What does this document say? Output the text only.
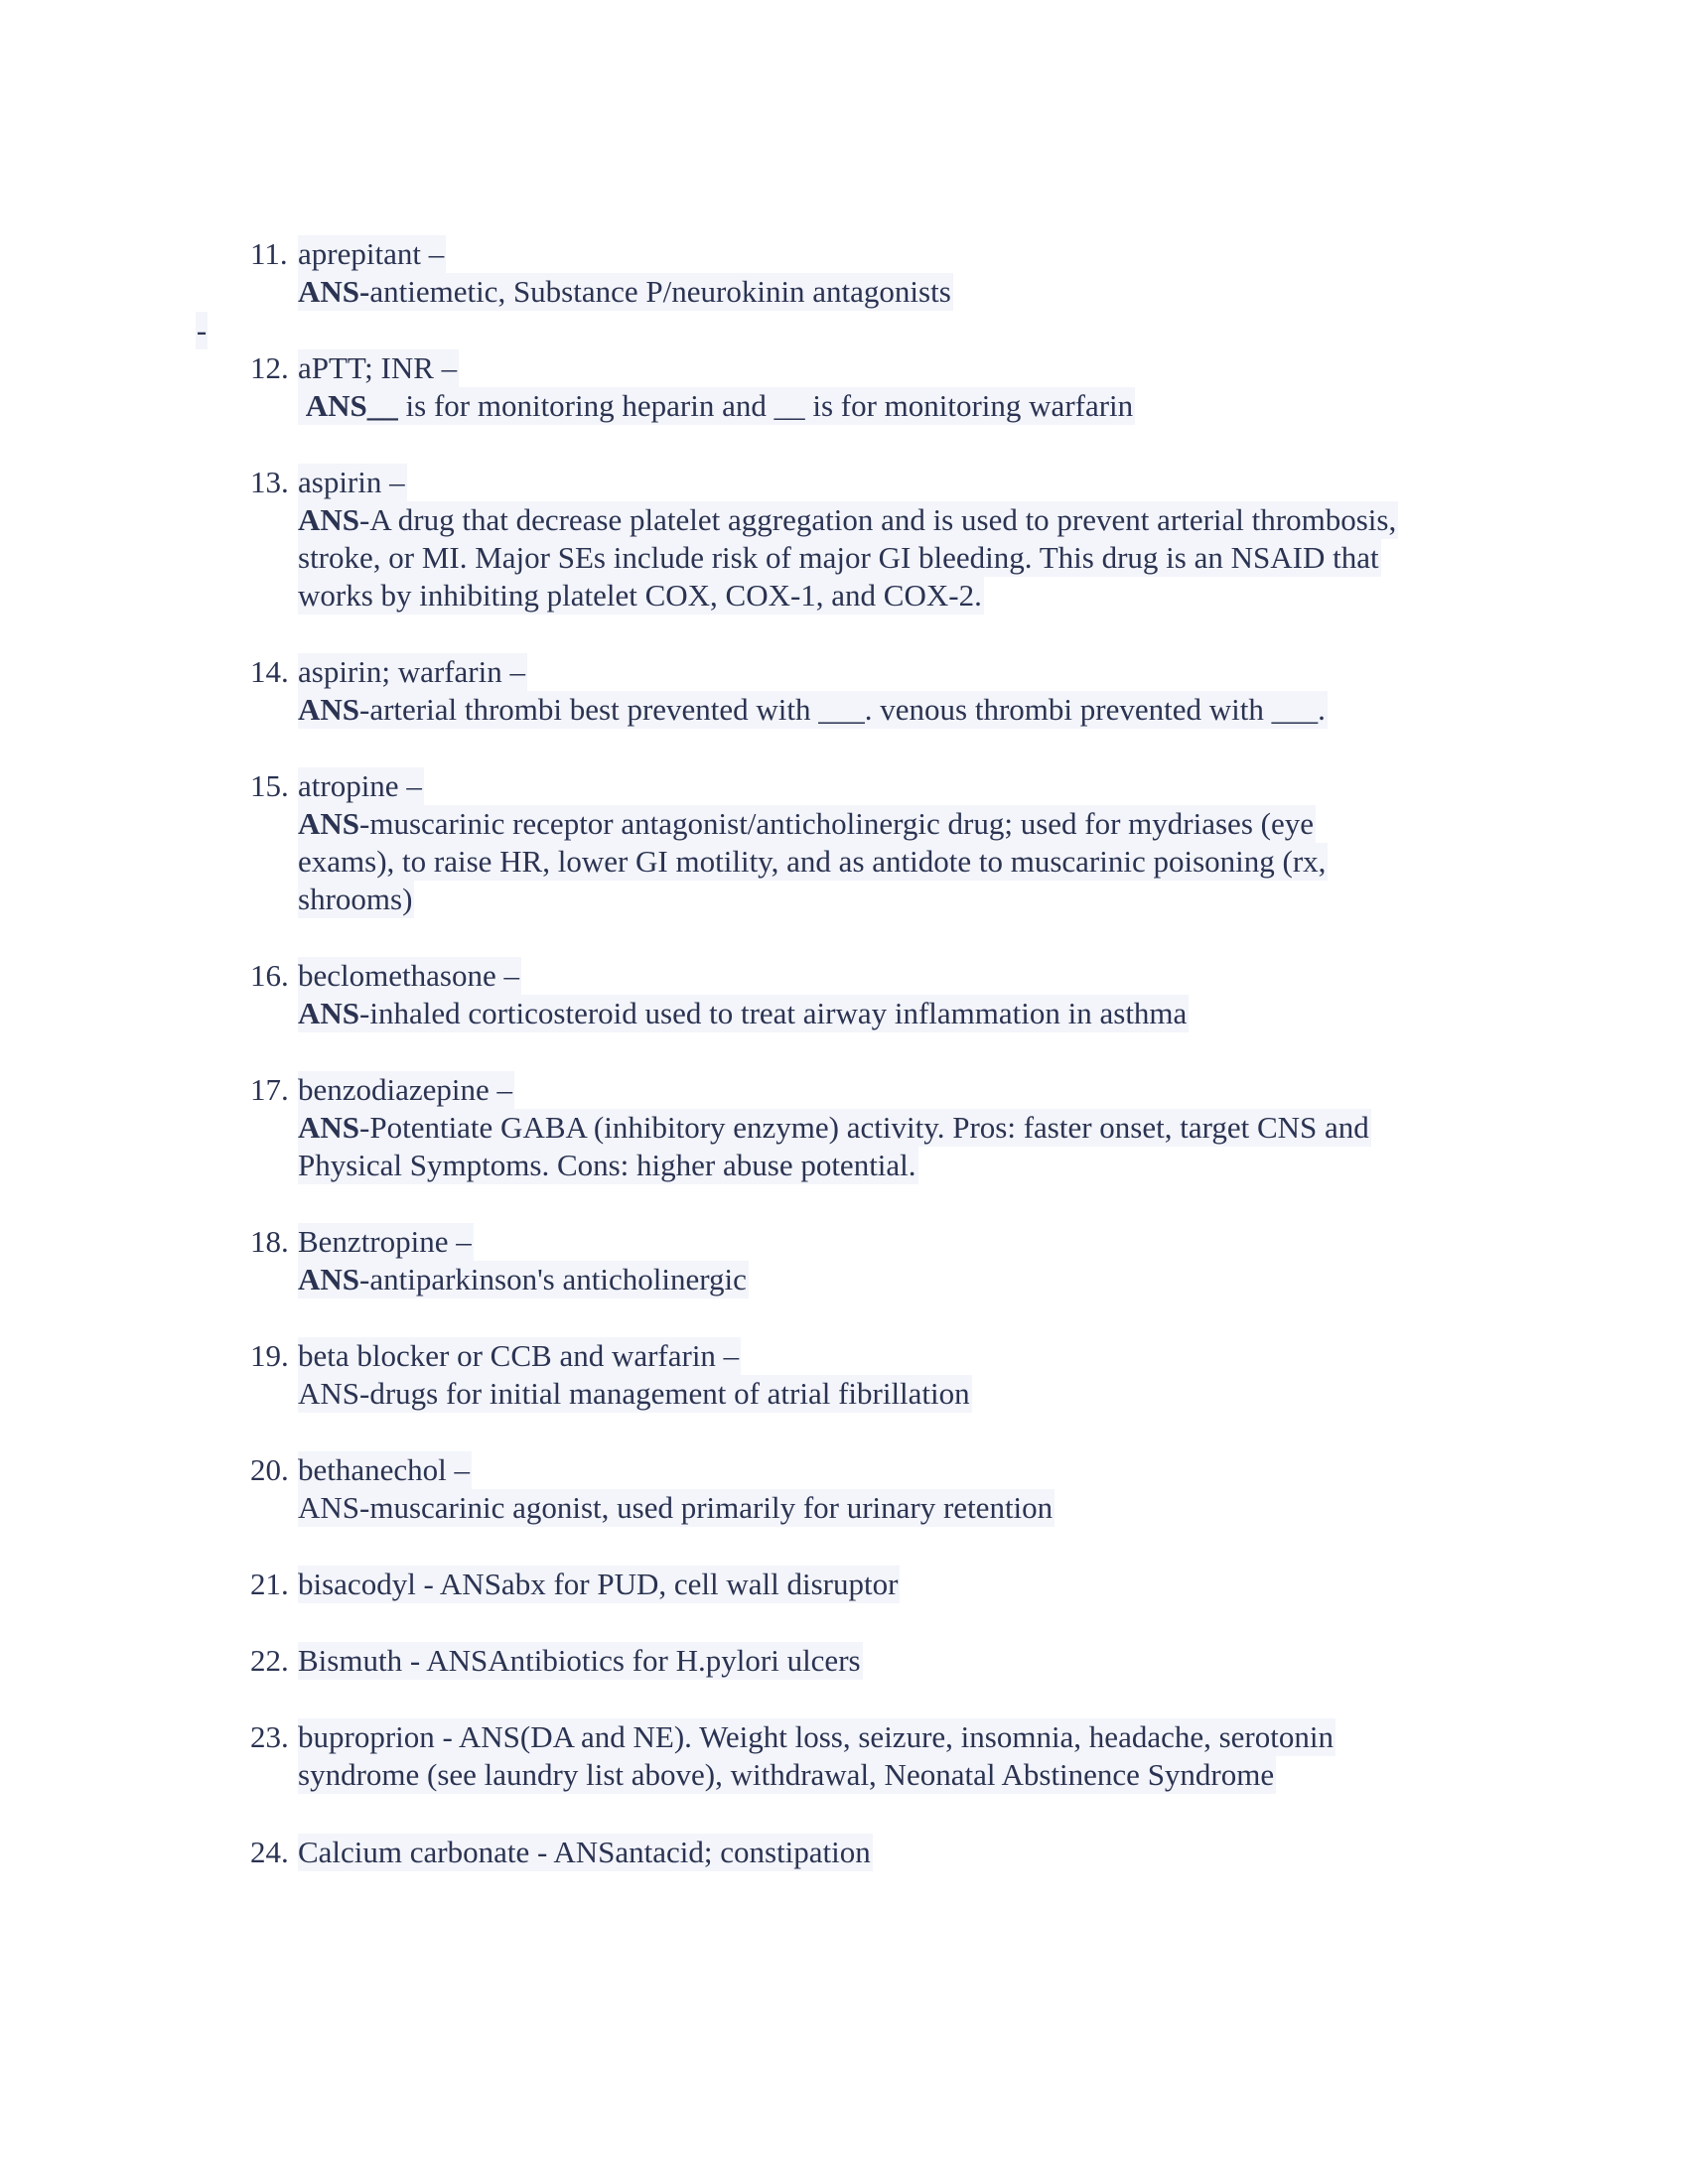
11.

aprepitant –

ANS-antiemetic, Substance P/neurokinin antagonists

-

12.

aPTT; INR –

ANS__ is for monitoring heparin and __ is for monitoring warfarin

13.

aspirin –

ANS-A drug that decrease platelet aggregation and is used to prevent arterial thrombosis,

stroke, or MI. Major SEs include risk of major GI bleeding. This drug is an NSAID that

works by inhibiting platelet COX, COX-1, and COX-2.

14.

aspirin; warfarin –

ANS-arterial thrombi best prevented with ___. venous thrombi prevented with ___.

15.

atropine –

ANS-muscarinic receptor antagonist/anticholinergic drug; used for mydriases (eye

exams), to raise HR, lower GI motility, and as antidote to muscarinic poisoning (rx,

shrooms)

16.

beclomethasone –

ANS-inhaled corticosteroid used to treat airway inflammation in asthma

17.

benzodiazepine –

ANS-Potentiate GABA (inhibitory enzyme) activity. Pros: faster onset, target CNS and

Physical Symptoms. Cons: higher abuse potential.

18.

Benztropine –

ANS-antiparkinson's anticholinergic

19.

beta blocker or CCB and warfarin –

ANS-drugs for initial management of atrial fibrillation

20.

bethanechol –

ANS-muscarinic agonist, used primarily for urinary retention

21.

bisacodyl - ANSabx for PUD, cell wall disruptor

22.

Bismuth - ANSAntibiotics for H.pylori ulcers

23.

buproprion - ANS(DA and NE). Weight loss, seizure, insomnia, headache, serotonin

syndrome (see laundry list above), withdrawal, Neonatal Abstinence Syndrome

24.

Calcium carbonate - ANSantacid; constipation
